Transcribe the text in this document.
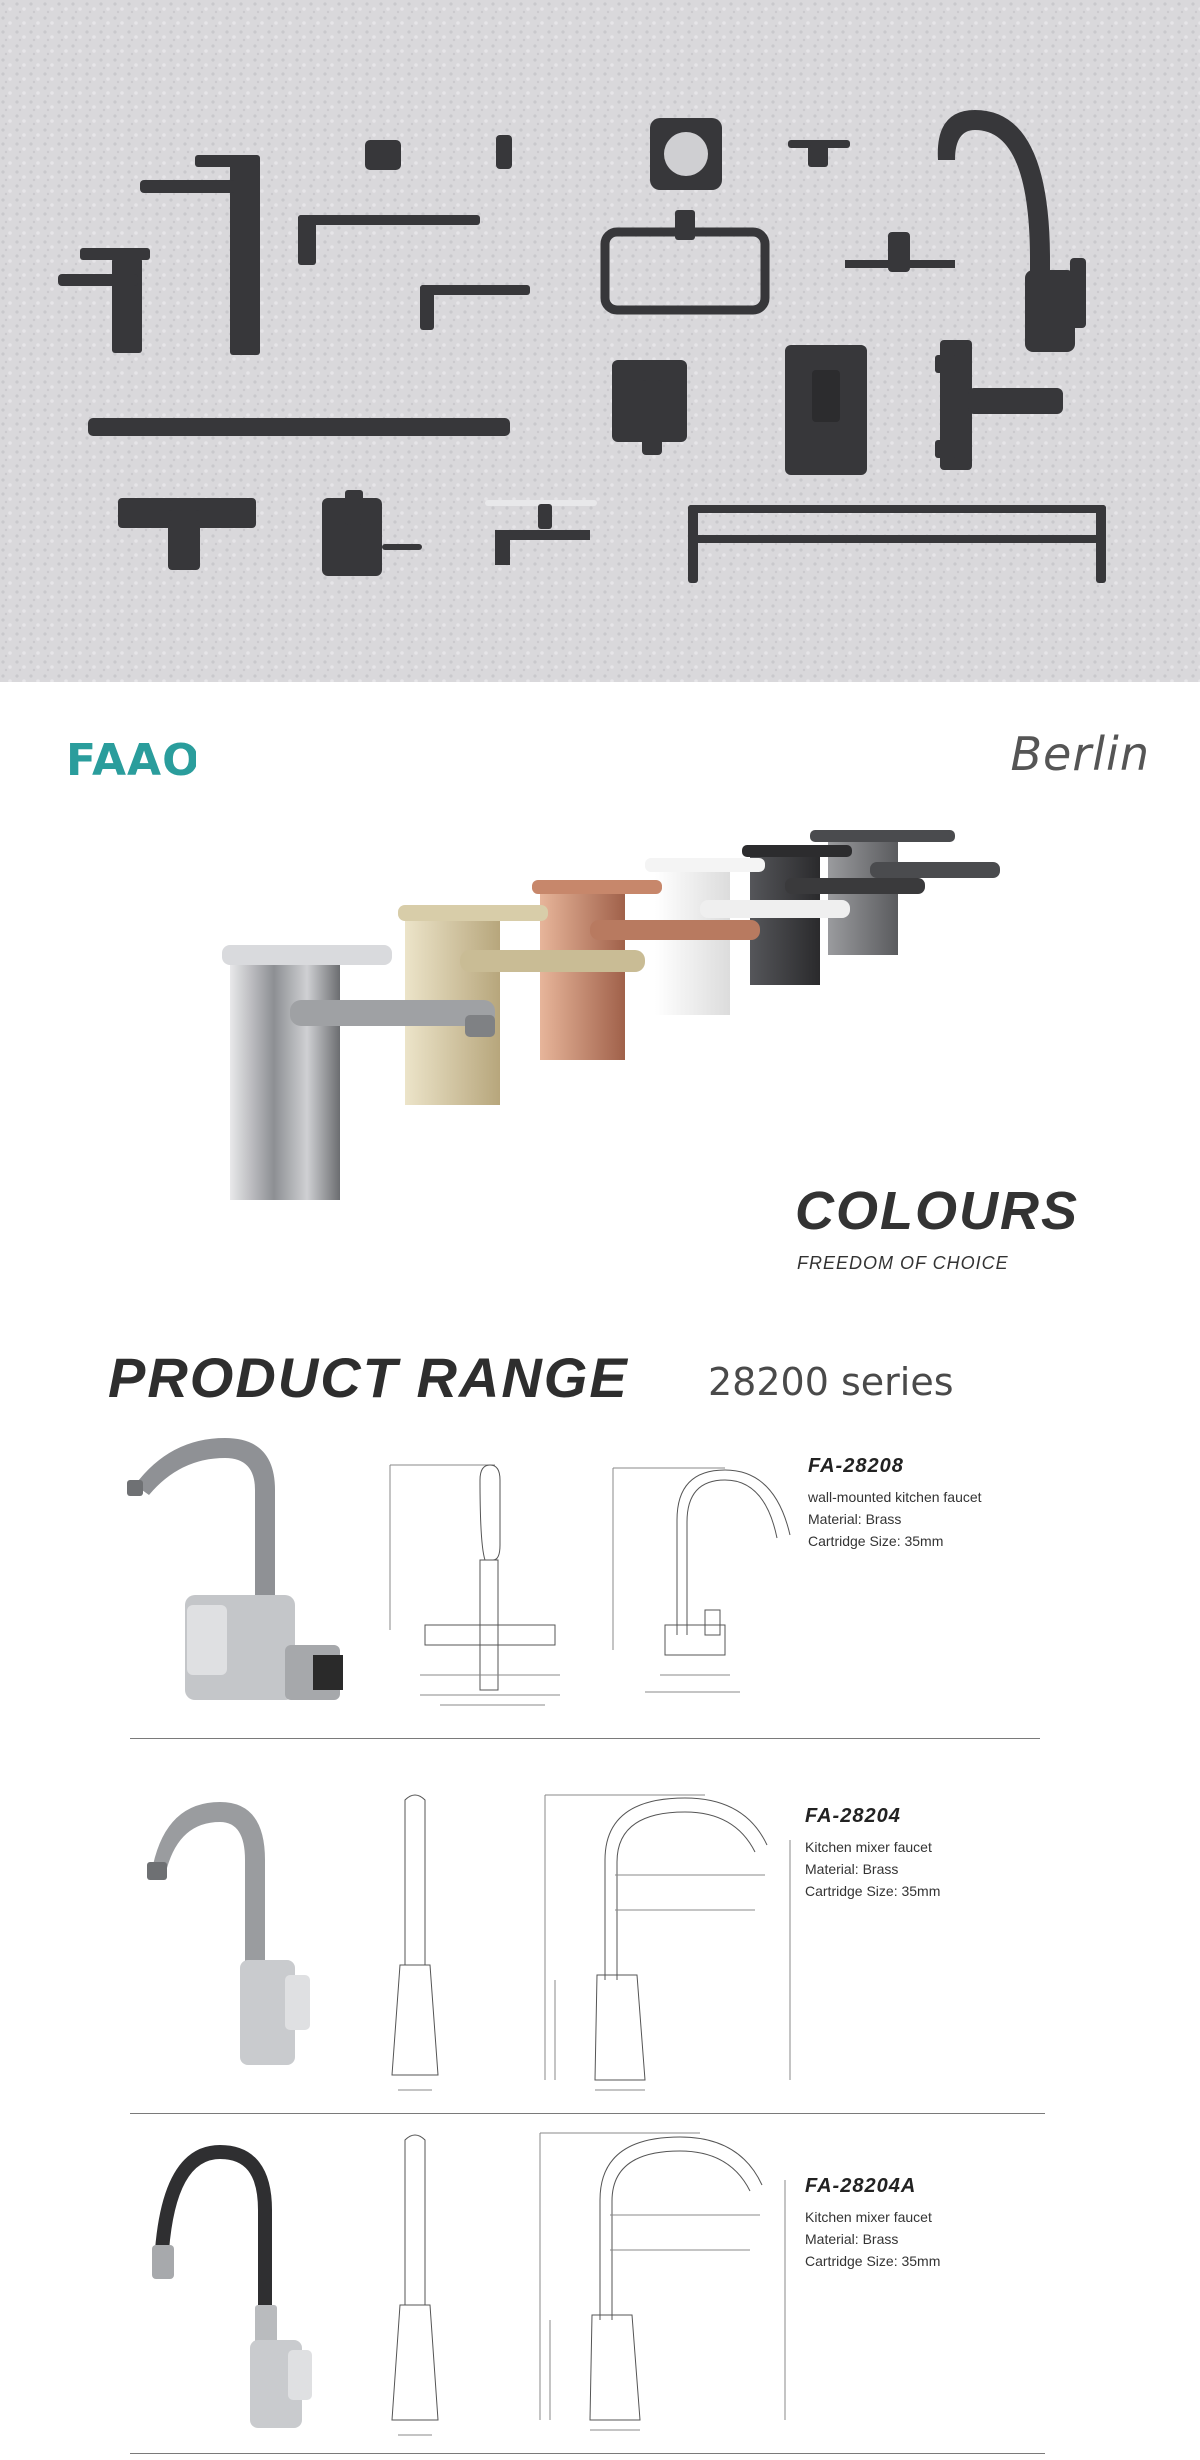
FAAO	Berlin
COLOURS
FREEDOM OF CHOICE
PRODUCT RANGE 28200 series
FA-28208
wall-mounted kitchen faucet
Material: Brass
Cartridge Size: 35mm
FA-28204
Kitchen mixer faucet
Material: Brass
Cartridge Size: 35mm
FA-28204A
Kitchen mixer faucet
Material: Brass
Cartridge Size: 35mm
